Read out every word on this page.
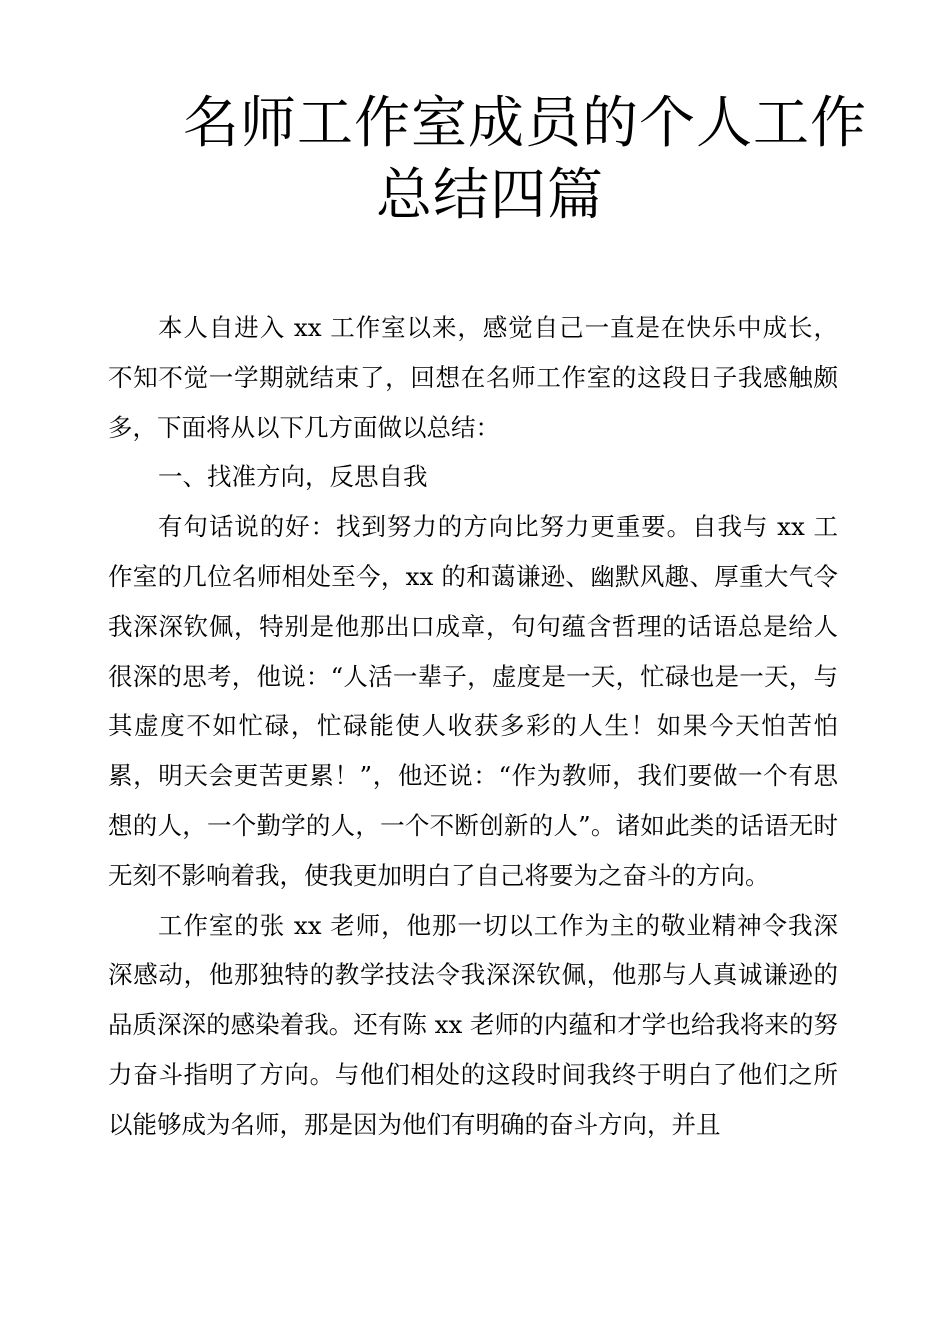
名师工作室成员的个人工作
总结四篇

本人自进入 xx 工作室以来，感觉自己一直是在快乐中成长，不知不觉一学期就结束了，回想在名师工作室的这段日子我感触颇多，下面将从以下几方面做以总结：

一、找准方向，反思自我

有句话说的好：找到努力的方向比努力更重要。自我与 xx 工作室的几位名师相处至今，xx 的和蔼谦逊、幽默风趣、厚重大气令我深深钦佩，特别是他那出口成章，句句蕴含哲理的话语总是给人很深的思考，他说：“人活一辈子，虚度是一天，忙碌也是一天，与其虚度不如忙碌，忙碌能使人收获多彩的人生！如果今天怕苦怕累，明天会更苦更累！”，他还说：“作为教师，我们要做一个有思想的人，一个勤学的人，一个不断创新的人”。诸如此类的话语无时无刻不影响着我，使我更加明白了自己将要为之奋斗的方向。

工作室的张 xx 老师，他那一切以工作为主的敬业精神令我深深感动，他那独特的教学技法令我深深钦佩，他那与人真诚谦逊的品质深深的感染着我。还有陈 xx 老师的内蕴和才学也给我将来的努力奋斗指明了方向。与他们相处的这段时间我终于明白了他们之所以能够成为名师，那是因为他们有明确的奋斗方向，并且
